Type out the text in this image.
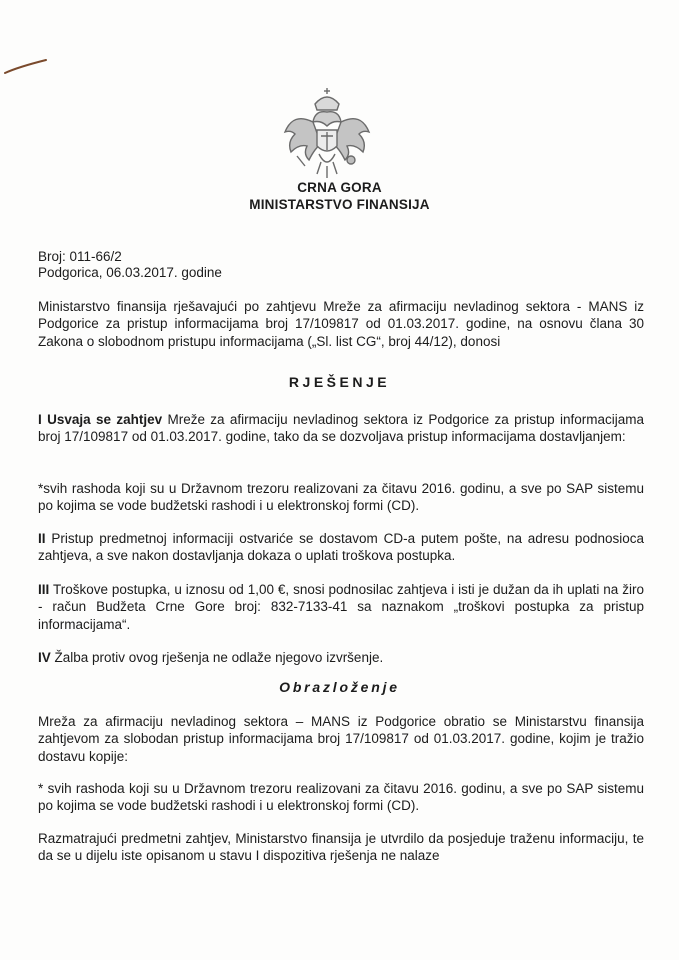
CRNA GORA
MINISTARSTVO FINANSIJA
Broj: 011-66/2
Podgorica, 06.03.2017. godine
Ministarstvo finansija rješavajući po zahtjevu Mreže za afirmaciju nevladinog sektora - MANS iz Podgorice za pristup informacijama broj 17/109817 od 01.03.2017. godine, na osnovu člana 30 Zakona o slobodnom pristupu informacijama („Sl. list CG“, broj 44/12), donosi
RJEŠENJE
I Usvaja se zahtjev Mreže za afirmaciju nevladinog sektora iz Podgorice za pristup informacijama broj 17/109817 od 01.03.2017. godine, tako da se dozvoljava pristup informacijama dostavljanjem:
*svih rashoda koji su u Državnom trezoru realizovani za čitavu 2016. godinu, a sve po SAP sistemu po kojima se vode budžetski rashodi i u elektronskoj formi (CD).
II Pristup predmetnoj informaciji ostvariće se dostavom CD-a putem pošte, na adresu podnosioca zahtjeva, a sve nakon dostavljanja dokaza o uplati troškova postupka.
III Troškove postupka, u iznosu od 1,00 €, snosi podnosilac zahtjeva i isti je dužan da ih uplati na žiro - račun Budžeta Crne Gore broj: 832-7133-41 sa naznakom „troškovi postupka za pristup informacijama“.
IV Žalba protiv ovog rješenja ne odlaže njegovo izvršenje.
Obrazloženje
Mreža za afirmaciju nevladinog sektora – MANS iz Podgorice obratio se Ministarstvu finansija zahtjevom za slobodan pristup informacijama broj 17/109817 od 01.03.2017. godine, kojim je tražio dostavu kopije:
* svih rashoda koji su u Državnom trezoru realizovani za čitavu 2016. godinu, a sve po SAP sistemu po kojima se vode budžetski rashodi i u elektronskoj formi (CD).
Razmatrajući predmetni zahtjev, Ministarstvo finansija je utvrdilo da posjeduje traženu informaciju, te da se u dijelu iste opisanom u stavu I dispozitiva rješenja ne nalaze
